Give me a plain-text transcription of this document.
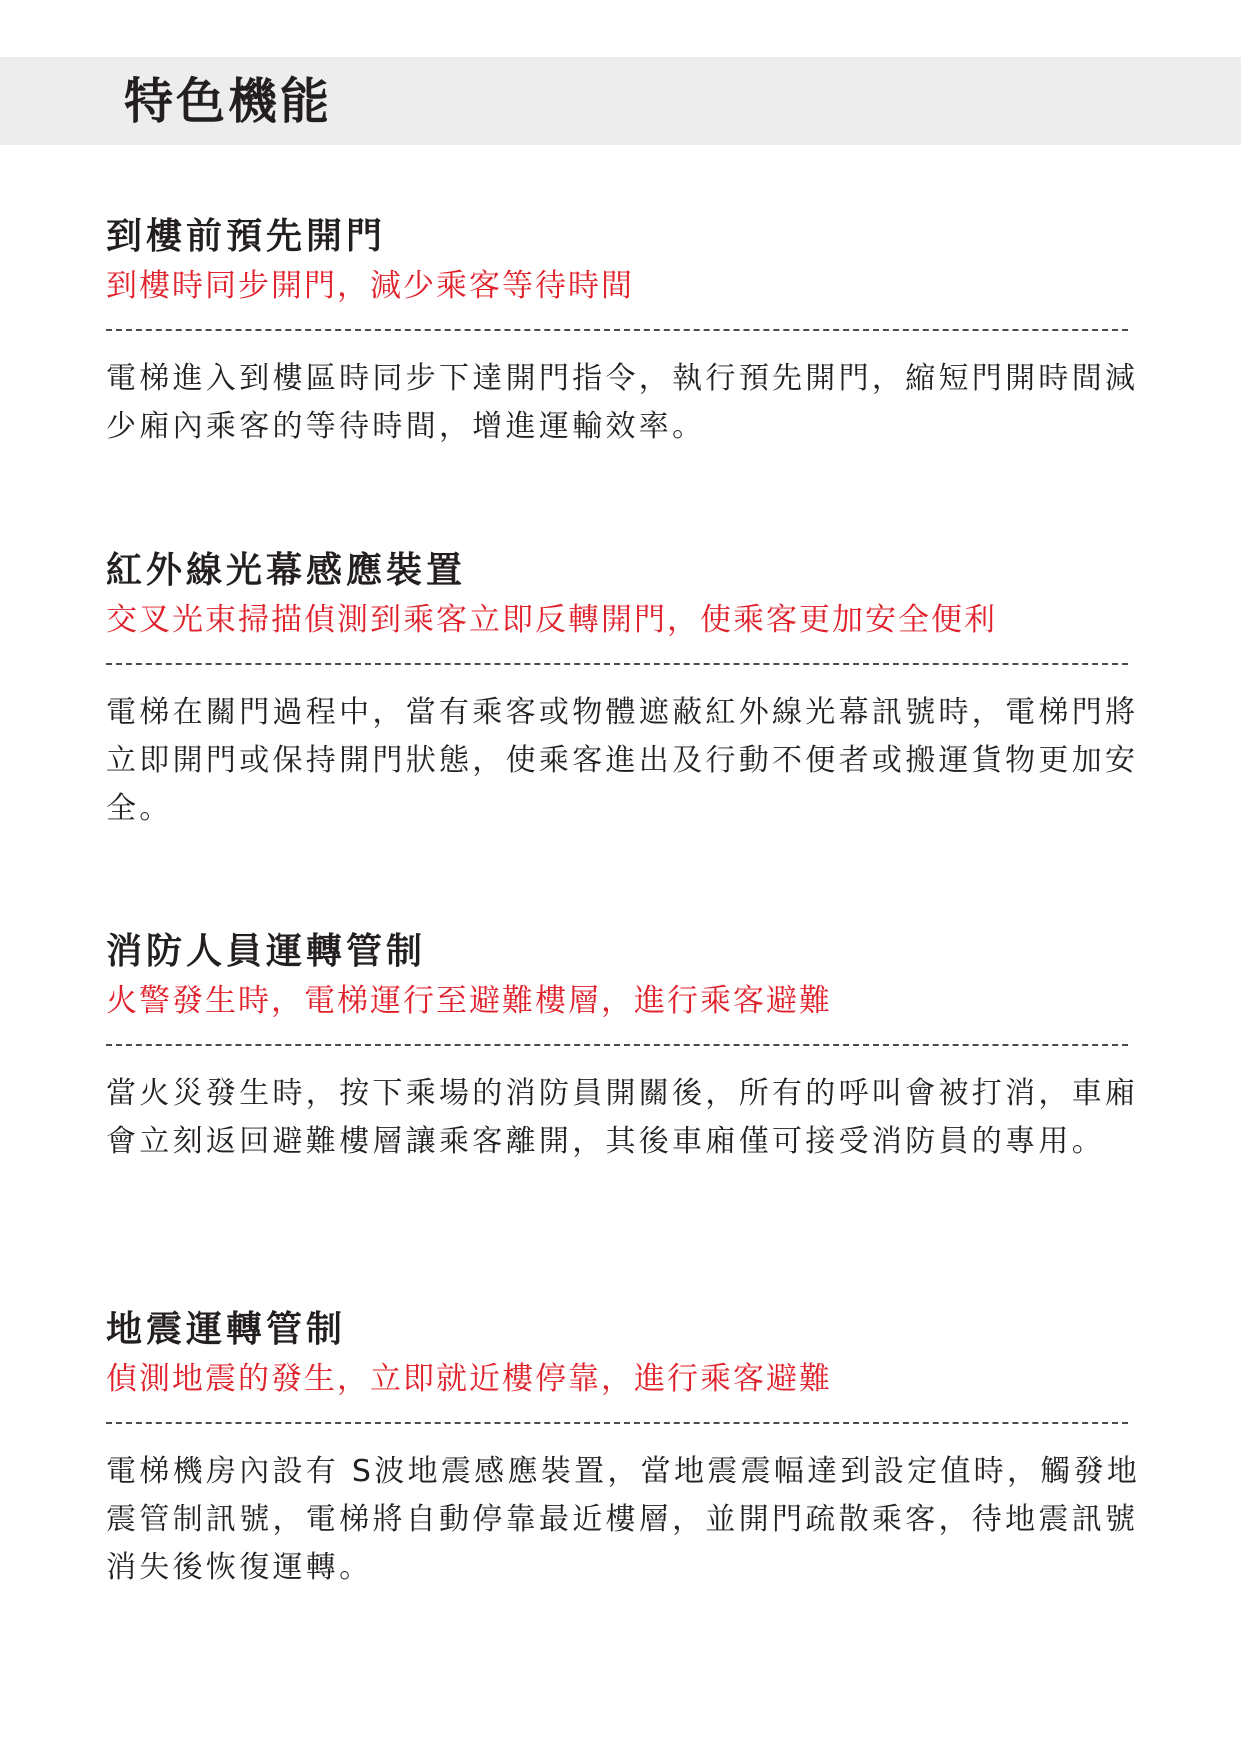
特色機能
到樓前預先開門
到樓時同步開門，減少乘客等待時間
電梯進入到樓區時同步下達開門指令，執行預先開門，縮短門開時間減少廂內乘客的等待時間，增進運輸效率。
紅外線光幕感應裝置
交叉光束掃描偵測到乘客立即反轉開門，使乘客更加安全便利
電梯在關門過程中，當有乘客或物體遮蔽紅外線光幕訊號時，電梯門將立即開門或保持開門狀態，使乘客進出及行動不便者或搬運貨物更加安全。
消防人員運轉管制
火警發生時，電梯運行至避難樓層，進行乘客避難
當火災發生時，按下乘場的消防員開關後，所有的呼叫會被打消，車廂會立刻返回避難樓層讓乘客離開，其後車廂僅可接受消防員的專用。
地震運轉管制
偵測地震的發生，立即就近樓停靠，進行乘客避難
電梯機房內設有 S波地震感應裝置，當地震震幅達到設定值時，觸發地震管制訊號，電梯將自動停靠最近樓層，並開門疏散乘客，待地震訊號消失後恢復運轉。
